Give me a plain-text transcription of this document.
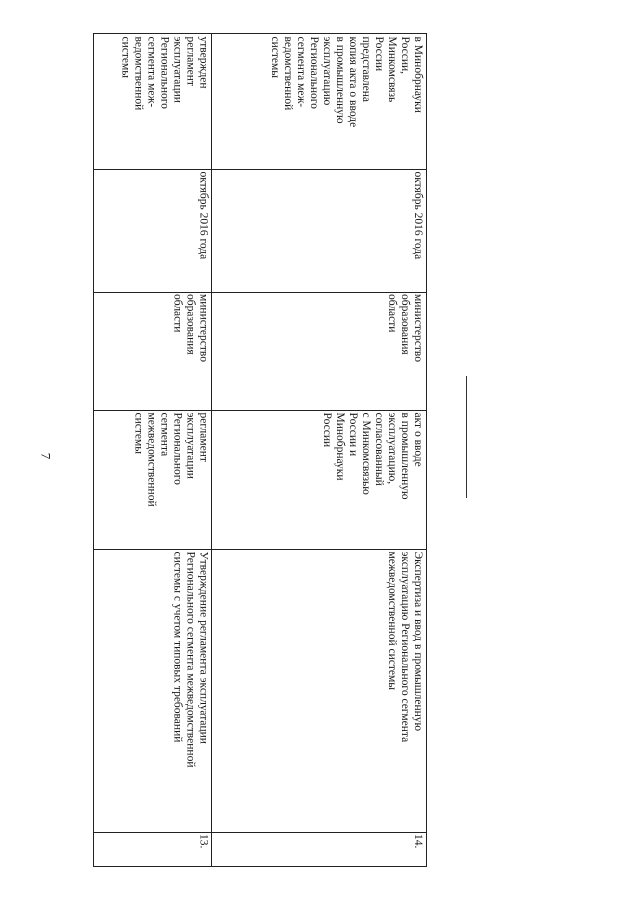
7
утвержден
регламент
эксплуатации
Регионального
сегмента меж-
ведомственной
системы
октябрь 2016 года
министерство
образования
области
регламент
эксплуатации
Регионального
сегмента
межведомственной
системы
Утверждение регламента эксплуатации
Регионального сегмента межведомственной
системы с учетом типовых требований
13.
в Минобрнауки
России,
Минкомсвязь
России
представлена
копия акта о вводе
в промышленную
эксплуатацию
Регионального
сегмента меж-
ведомственной
системы
октябрь 2016 года
министерство
образования
области
акт о вводе
в промышленную
эксплуатацию,
согласованный
с Минкомсвязью
России и
Минобрнауки
России
Экспертиза и ввод в промышленную
эксплуатацию Регионального сегмента
межведомственной системы
14.
